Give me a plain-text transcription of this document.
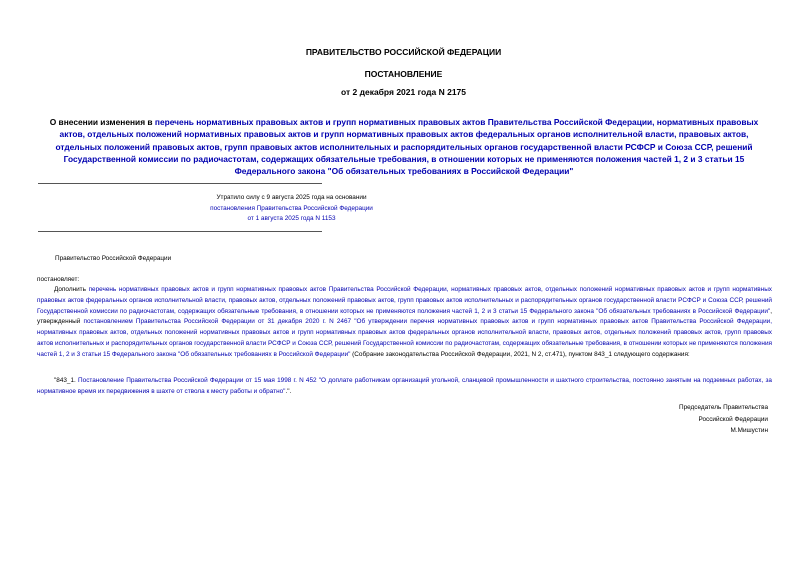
ПРАВИТЕЛЬСТВО РОССИЙСКОЙ ФЕДЕРАЦИИ
ПОСТАНОВЛЕНИЕ
от 2 декабря 2021 года N 2175
О внесении изменения в перечень нормативных правовых актов и групп нормативных правовых актов Правительства Российской Федерации, нормативных правовых актов, отдельных положений нормативных правовых актов и групп нормативных правовых актов федеральных органов исполнительной власти, правовых актов, отдельных положений правовых актов, групп правовых актов исполнительных и распорядительных органов государственной власти РСФСР и Союза ССР, решений Государственной комиссии по радиочастотам, содержащих обязательные требования, в отношении которых не применяются положения частей 1, 2 и 3 статьи 15 Федерального закона "Об обязательных требованиях в Российской Федерации"
Утратило силу с 9 августа 2025 года на основании
постановления Правительства Российской Федерации
от 1 августа 2025 года N 1153
Правительство Российской Федерации
постановляет:
Дополнить перечень нормативных правовых актов и групп нормативных правовых актов Правительства Российской Федерации, нормативных правовых актов, отдельных положений нормативных правовых актов и групп нормативных правовых актов федеральных органов исполнительной власти, правовых актов, отдельных положений правовых актов, групп правовых актов исполнительных и распорядительных органов государственной власти РСФСР и Союза ССР, решений Государственной комиссии по радиочастотам, содержащих обязательные требования, в отношении которых не применяются положения частей 1, 2 и 3 статьи 15 Федерального закона "Об обязательных требованиях в Российской Федерации", утвержденный постановлением Правительства Российской Федерации от 31 декабря 2020 г. N 2467 "Об утверждении перечня нормативных правовых актов и групп нормативных правовых актов Правительства Российской Федерации, нормативных правовых актов, отдельных положений нормативных правовых актов и групп нормативных правовых актов федеральных органов исполнительной власти, правовых актов, отдельных положений правовых актов, групп правовых актов исполнительных и распорядительных органов государственной власти РСФСР и Союза ССР, решений Государственной комиссии по радиочастотам, содержащих обязательные требования, в отношении которых не применяются положения частей 1, 2 и 3 статьи 15 Федерального закона "Об обязательных требованиях в Российской Федерации" (Собрание законодательства Российской Федерации, 2021, N 2, ст.471), пунктом 843_1 следующего содержания:
"843_1. Постановление Правительства Российской Федерации от 15 мая 1998 г. N 452 "О доплате работникам организаций угольной, сланцевой промышленности и шахтного строительства, постоянно занятым на подземных работах, за нормативное время их передвижения в шахте от ствола к месту работы и обратно".".
Председатель Правительства
Российской Федерации
М.Мишустин
